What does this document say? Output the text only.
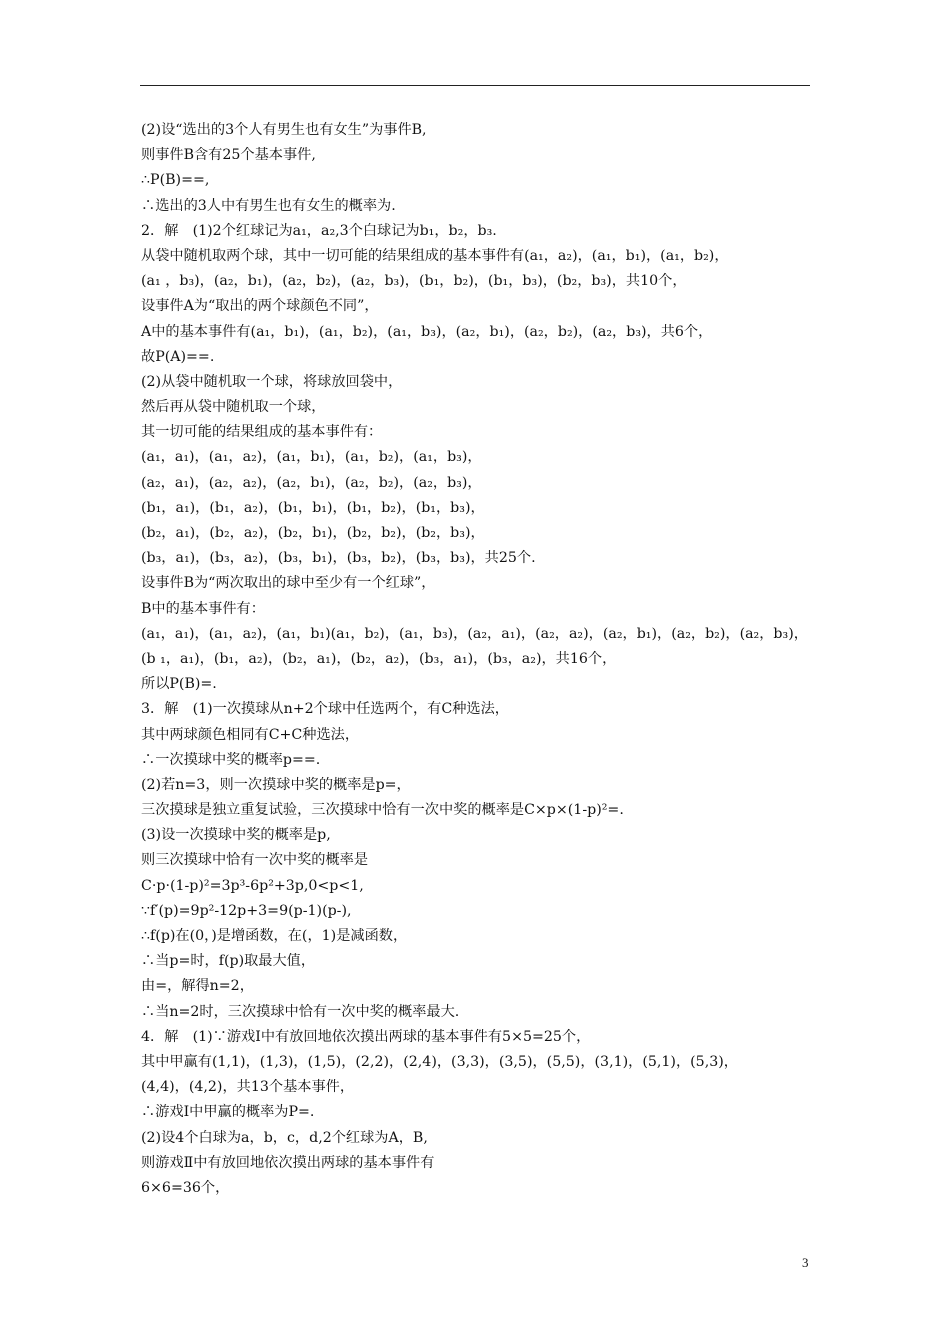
(2)设“选出的3个人有男生也有女生”为事件B,
则事件B含有25个基本事件,
∴P(B)==,
∴选出的3人中有男生也有女生的概率为.
2．解　(1)2个红球记为a₁，a₂,3个白球记为b₁，b₂，b₃.
从袋中随机取两个球，其中一切可能的结果组成的基本事件有(a₁，a₂)，(a₁，b₁)，(a₁，b₂)，
(a₁ ，b₃)，(a₂，b₁)，(a₂，b₂)，(a₂，b₃)，(b₁，b₂)，(b₁，b₃)，(b₂，b₃)，共10个，
设事件A为“取出的两个球颜色不同”，
A中的基本事件有(a₁，b₁)，(a₁，b₂)，(a₁，b₃)，(a₂，b₁)，(a₂，b₂)，(a₂，b₃)，共6个，
故P(A)==.
(2)从袋中随机取一个球，将球放回袋中，
然后再从袋中随机取一个球，
其一切可能的结果组成的基本事件有：
(a₁，a₁)，(a₁，a₂)，(a₁，b₁)，(a₁，b₂)，(a₁，b₃)，
(a₂，a₁)，(a₂，a₂)，(a₂，b₁)，(a₂，b₂)，(a₂，b₃)，
(b₁，a₁)，(b₁，a₂)，(b₁，b₁)，(b₁，b₂)，(b₁，b₃)，
(b₂，a₁)，(b₂，a₂)，(b₂，b₁)，(b₂，b₂)，(b₂，b₃)，
(b₃，a₁)，(b₃，a₂)，(b₃，b₁)，(b₃，b₂)，(b₃，b₃)，共25个.
设事件B为“两次取出的球中至少有一个红球”，
B中的基本事件有：
(a₁，a₁)，(a₁，a₂)，(a₁，b₁)(a₁，b₂)，(a₁，b₃)，(a₂，a₁)，(a₂，a₂)，(a₂，b₁)，(a₂，b₂)，(a₂，b₃)，
(b ₁，a₁)，(b₁，a₂)，(b₂，a₁)，(b₂，a₂)，(b₃，a₁)，(b₃，a₂)，共16个，
所以P(B)=.
3．解　(1)一次摸球从n+2个球中任选两个，有C种选法，
其中两球颜色相同有C+C种选法，
∴一次摸球中奖的概率p==.
(2)若n=3，则一次摸球中奖的概率是p=，
三次摸球是独立重复试验，三次摸球中恰有一次中奖的概率是C×p×(1-p)²=.
(3)设一次摸球中奖的概率是p,
则三次摸球中恰有一次中奖的概率是
C·p·(1-p)²=3p³-6p²+3p,0<p<1,
∵f′(p)=9p²-12p+3=9(p-1)(p-),
∴f(p)在(0，)是增函数，在(，1)是减函数，
∴当p=时，f(p)取最大值，
由=，解得n=2，
∴当n=2时，三次摸球中恰有一次中奖的概率最大.
4．解　(1)∵游戏Ⅰ中有放回地依次摸出两球的基本事件有5×5=25个，
其中甲赢有(1,1)，(1,3)，(1,5)，(2,2)，(2,4)，(3,3)，(3,5)，(5,5)，(3,1)，(5,1)，(5,3)，
(4,4)，(4,2)，共13个基本事件，
∴游戏Ⅰ中甲赢的概率为P=.
(2)设4个白球为a，b，c，d,2个红球为A，B,
则游戏Ⅱ中有放回地依次摸出两球的基本事件有
6×6=36个，
3
